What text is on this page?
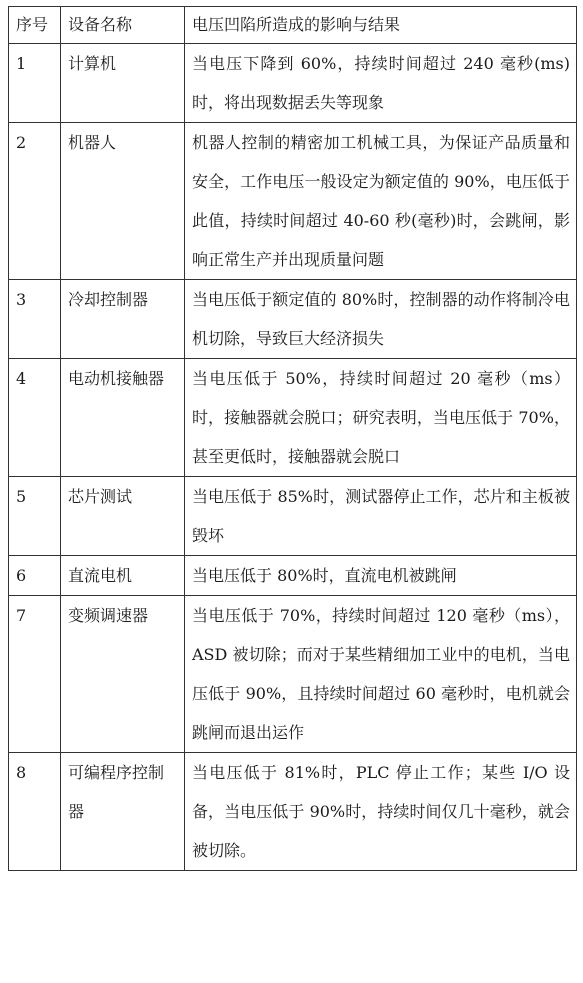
序号	设备名称	电压凹陷所造成的影响与结果
1	计算机	当电压下降到 60%，持续时间超过 240 毫秒(ms)时，将出现数据丢失等现象
2	机器人	机器人控制的精密加工机械工具，为保证产品质量和安全，工作电压一般设定为额定值的 90%，电压低于此值，持续时间超过 40-60 秒(毫秒)时，会跳闸，影响正常生产并出现质量问题
3	冷却控制器	当电压低于额定值的 80%时，控制器的动作将制冷电机切除，导致巨大经济损失
4	电动机接触器	当电压低于 50%，持续时间超过 20 毫秒（ms）时，接触器就会脱口；研究表明，当电压低于 70%，甚至更低时，接触器就会脱口
5	芯片测试	当电压低于 85%时，测试器停止工作，芯片和主板被毁坏
6	直流电机	当电压低于 80%时，直流电机被跳闸
7	变频调速器	当电压低于 70%，持续时间超过 120 毫秒（ms），ASD 被切除；而对于某些精细加工业中的电机，当电压低于 90%，且持续时间超过 60 毫秒时，电机就会跳闸而退出运作
8	可编程序控制器	当电压低于 81%时，PLC 停止工作；某些 I/O 设备，当电压低于 90%时，持续时间仅几十毫秒，就会被切除。
